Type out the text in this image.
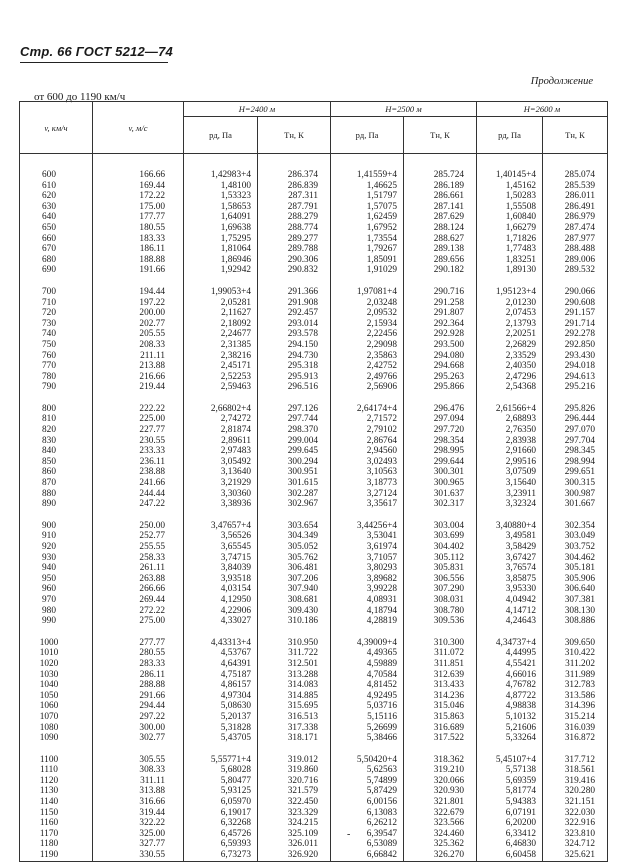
Стр. 66 ГОСТ 5212—74
Продолжение
от 600 до 1190 км/ч
v, км/ч	v, м/с	H=2400 м		H=2500 м		H=2600 м	
		pд, Па	Tн, К	pд, Па	Tн, К	pд, Па	Tн, К
600	166.66	1,42983+4	286.374	1,41559+4	285.724	1,40145+4	285.074
610	169.44	1,48100	286.839	1,46625	286.189	1,45162	285.539
620	172.22	1,53323	287.311	1,51797	286.661	1,50283	286.011
630	175.00	1,58653	287.791	1,57075	287.141	1,55508	286.491
640	177.77	1,64091	288.279	1,62459	287.629	1,60840	286.979
650	180.55	1,69638	288.774	1,67952	288.124	1,66279	287.474
660	183.33	1,75295	289.277	1,73554	288.627	1,71826	287.977
670	186.11	1,81064	289.788	1,79267	289.138	1,77483	288.488
680	188.88	1,86946	290.306	1,85091	289.656	1,83251	289.006
690	191.66	1,92942	290.832	1,91029	290.182	1,89130	289.532

700	194.44	1,99053+4	291.366	1,97081+4	290.716	1,95123+4	290.066
710	197.22	2,05281	291.908	2,03248	291.258	2,01230	290.608
720	200.00	2,11627	292.457	2,09532	291.807	2,07453	291.157
730	202.77	2,18092	293.014	2,15934	292.364	2,13793	291.714
740	205.55	2,24677	293.578	2,22456	292.928	2,20251	292.278
750	208.33	2,31385	294.150	2,29098	293.500	2,26829	292.850
760	211.11	2,38216	294.730	2,35863	294.080	2,33529	293.430
770	213.88	2,45171	295.318	2,42752	294.668	2,40350	294.018
780	216.66	2,52253	295.913	2,49766	295.263	2,47296	294.613
790	219.44	2,59463	296.516	2,56906	295.866	2,54368	295.216

800	222.22	2,66802+4	297.126	2,64174+4	296.476	2,61566+4	295.826
810	225.00	2,74272	297.744	2,71572	297.094	2,68893	296.444
820	227.77	2,81874	298.370	2,79102	297.720	2,76350	297.070
830	230.55	2,89611	299.004	2,86764	298.354	2,83938	297.704
840	233.33	2,97483	299.645	2,94560	298.995	2,91660	298.345
850	236.11	3,05492	300.294	3,02493	299.644	2,99516	298.994
860	238.88	3,13640	300.951	3,10563	300.301	3,07509	299.651
870	241.66	3,21929	301.615	3,18773	300.965	3,15640	300.315
880	244.44	3,30360	302.287	3,27124	301.637	3,23911	300.987
890	247.22	3,38936	302.967	3,35617	302.317	3,32324	301.667

900	250.00	3,47657+4	303.654	3,44256+4	303.004	3,40880+4	302.354
910	252.77	3,56526	304.349	3,53041	303.699	3,49581	303.049
920	255.55	3,65545	305.052	3,61974	304.402	3,58429	303.752
930	258.33	3,74715	305.762	3,71057	305.112	3,67427	304.462
940	261.11	3,84039	306.481	3,80293	305.831	3,76574	305.181
950	263.88	3,93518	307.206	3,89682	306.556	3,85875	305.906
960	266.66	4,03154	307.940	3,99228	307.290	3,95330	306.640
970	269.44	4,12950	308.681	4,08931	308.031	4,04942	307.381
980	272.22	4,22906	309.430	4,18794	308.780	4,14712	308.130
990	275.00	4,33027	310.186	4,28819	309.536	4,24643	308.886

1000	277.77	4,43313+4	310.950	4,39009+4	310.300	4,34737+4	309.650
1010	280.55	4,53767	311.722	4,49365	311.072	4,44995	310.422
1020	283.33	4,64391	312.501	4,59889	311.851	4,55421	311.202
1030	286.11	4,75187	313.288	4,70584	312.639	4,66016	311.989
1040	288.88	4,86157	314.083	4,81452	313.433	4,76782	312.783
1050	291.66	4,97304	314.885	4,92495	314.236	4,87722	313.586
1060	294.44	5,08630	315.695	5,03716	315.046	4,98838	314.396
1070	297.22	5,20137	316.513	5,15116	315.863	5,10132	315.214
1080	300.00	5,31828	317.338	5,26699	316.689	5,21606	316.039
1090	302.77	5,43705	318.171	5,38466	317.522	5,33264	316.872

1100	305.55	5,55771+4	319.012	5,50420+4	318.362	5,45107+4	317.712
1110	308.33	5,68028	319.860	5,62563	319.210	5,57138	318.561
1120	311.11	5,80477	320.716	5,74899	320.066	5,69359	319.416
1130	313.88	5,93125	321.579	5,87429	320.930	5,81774	320.280
1140	316.66	6,05970	322.450	6,00156	321.801	5,94383	321.151
1150	319.44	6,19017	323.329	6,13083	322.679	6,07191	322.030
1160	322.22	6,32268	324.215	6,26212	323.566	6,20200	322.916
1170	325.00	6,45726	325.109	6,39547	324.460	6,33412	323.810
1180	327.77	6,59393	326.011	6,53089	325.362	6,46830	324.712
1190	330.55	6,73273	326.920	6,66842	326.270	6,60458	325.621
-
